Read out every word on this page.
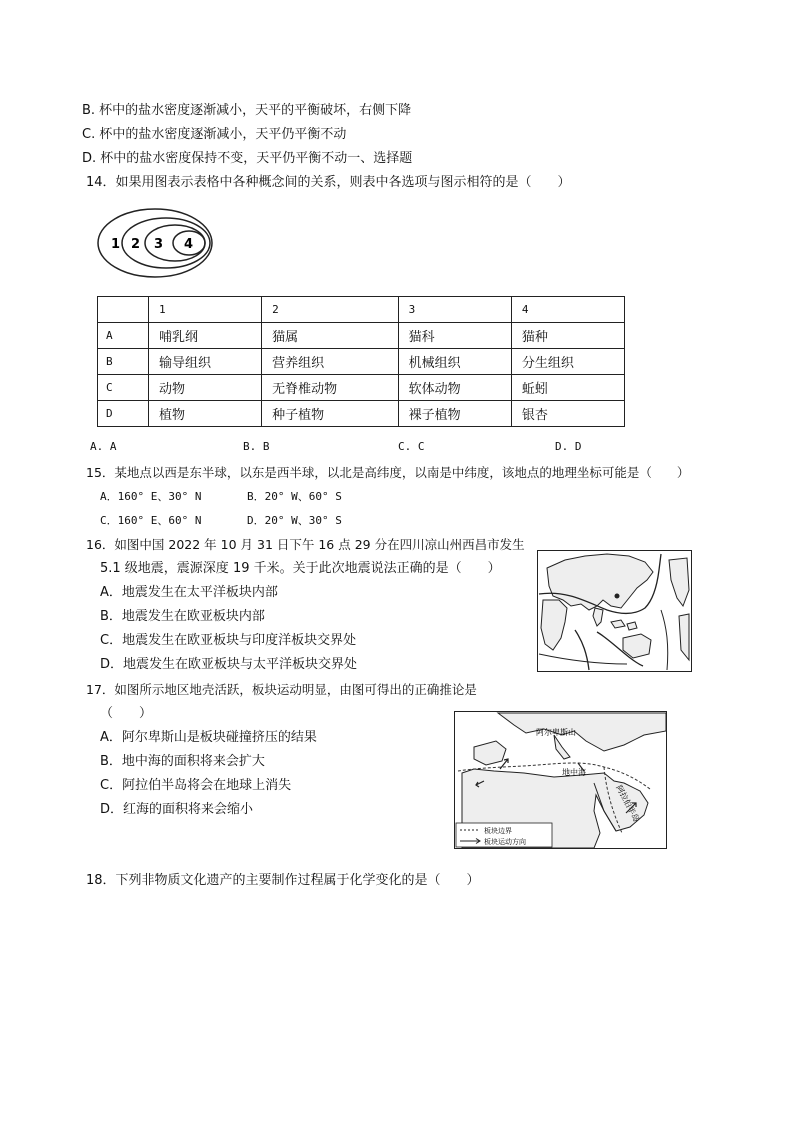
B. 杯中的盐水密度逐渐减小，天平的平衡破坏，右侧下降
C. 杯中的盐水密度逐渐减小，天平仍平衡不动
D. 杯中的盐水密度保持不变，天平仍平衡不动一、选择题
14．如果用图表示表格中各种概念间的关系，则表中各选项与图示相符的是（　　）
1 2 3 4
	1	2	3	4
A	哺乳纲	猫属	猫科	猫种
B	输导组织	营养组织	机械组织	分生组织
C	动物	无脊椎动物	软体动物	蚯蚓
D	植物	种子植物	裸子植物	银杏
A. A	B. B	C. C	D. D
15．某地点以西是东半球，以东是西半球，以北是高纬度，以南是中纬度，该地点的地理坐标可能是（　　）
A．160° E、30° N	B．20° W、60° S
C．160° E、60° N	D．20° W、30° S
16．如图中国 2022 年 10 月 31 日下午 16 点 29 分在四川凉山州西昌市发生
5.1 级地震，震源深度 19 千米。关于此次地震说法正确的是（　　）
A．地震发生在太平洋板块内部
B．地震发生在欧亚板块内部
C．地震发生在欧亚板块与印度洋板块交界处
D．地震发生在欧亚板块与太平洋板块交界处
17．如图所示地区地壳活跃，板块运动明显，由图可得出的正确推论是
（　　）
A．阿尔卑斯山是板块碰撞挤压的结果
B．地中海的面积将来会扩大
C．阿拉伯半岛将会在地球上消失
D．红海的面积将来会缩小
阿尔卑斯山
地中海
阿拉伯半岛
板块边界
板块运动方向
18．下列非物质文化遗产的主要制作过程属于化学变化的是（　　）
